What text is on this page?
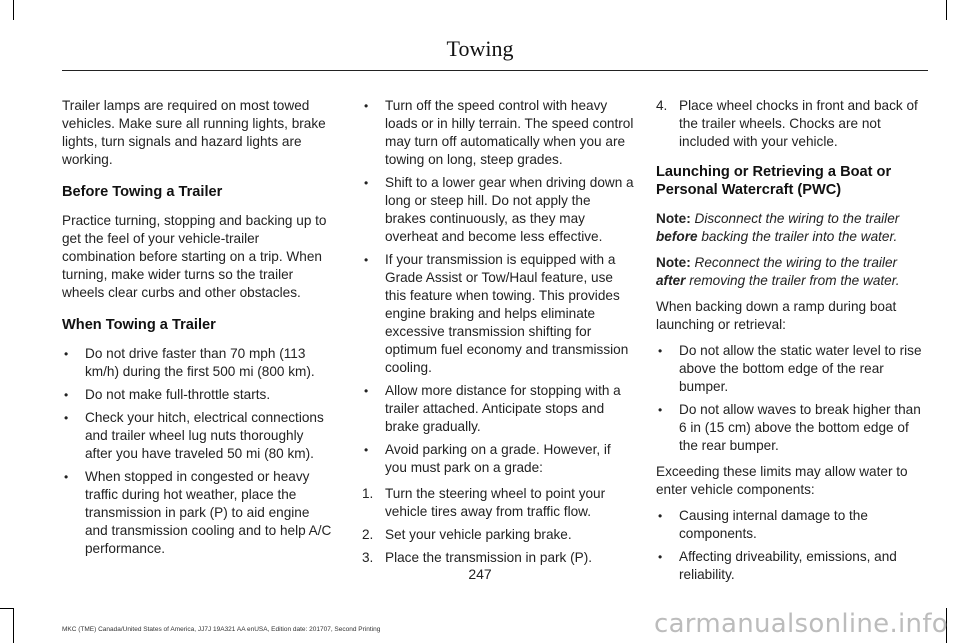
Towing

Trailer lamps are required on most towed vehicles. Make sure all running lights, brake lights, turn signals and hazard lights are working.

Before Towing a Trailer

Practice turning, stopping and backing up to get the feel of your vehicle-trailer combination before starting on a trip. When turning, make wider turns so the trailer wheels clear curbs and other obstacles.

When Towing a Trailer
• Do not drive faster than 70 mph (113 km/h) during the first 500 mi (800 km).
• Do not make full-throttle starts.
• Check your hitch, electrical connections and trailer wheel lug nuts thoroughly after you have traveled 50 mi (80 km).
• When stopped in congested or heavy traffic during hot weather, place the transmission in park (P) to aid engine and transmission cooling and to help A/C performance.
• Turn off the speed control with heavy loads or in hilly terrain. The speed control may turn off automatically when you are towing on long, steep grades.
• Shift to a lower gear when driving down a long or steep hill. Do not apply the brakes continuously, as they may overheat and become less effective.
• If your transmission is equipped with a Grade Assist or Tow/Haul feature, use this feature when towing. This provides engine braking and helps eliminate excessive transmission shifting for optimum fuel economy and transmission cooling.
• Allow more distance for stopping with a trailer attached. Anticipate stops and brake gradually.
• Avoid parking on a grade. However, if you must park on a grade:
1. Turn the steering wheel to point your vehicle tires away from traffic flow.
2. Set your vehicle parking brake.
3. Place the transmission in park (P).
4. Place wheel chocks in front and back of the trailer wheels. Chocks are not included with your vehicle.
Launching or Retrieving a Boat or Personal Watercraft (PWC)

Note: Disconnect the wiring to the trailer before backing the trailer into the water.

Note: Reconnect the wiring to the trailer after removing the trailer from the water.

When backing down a ramp during boat launching or retrieval:

• Do not allow the static water level to rise above the bottom edge of the rear bumper.
• Do not allow waves to break higher than 6 in (15 cm) above the bottom edge of the rear bumper.

Exceeding these limits may allow water to enter vehicle components:

• Causing internal damage to the components.
• Affecting driveability, emissions, and reliability.
247
MKC (TME) Canada/United States of America, JJ7J 19A321 AA enUSA, Edition date: 201707, Second Printing	carmanualsonline.info
